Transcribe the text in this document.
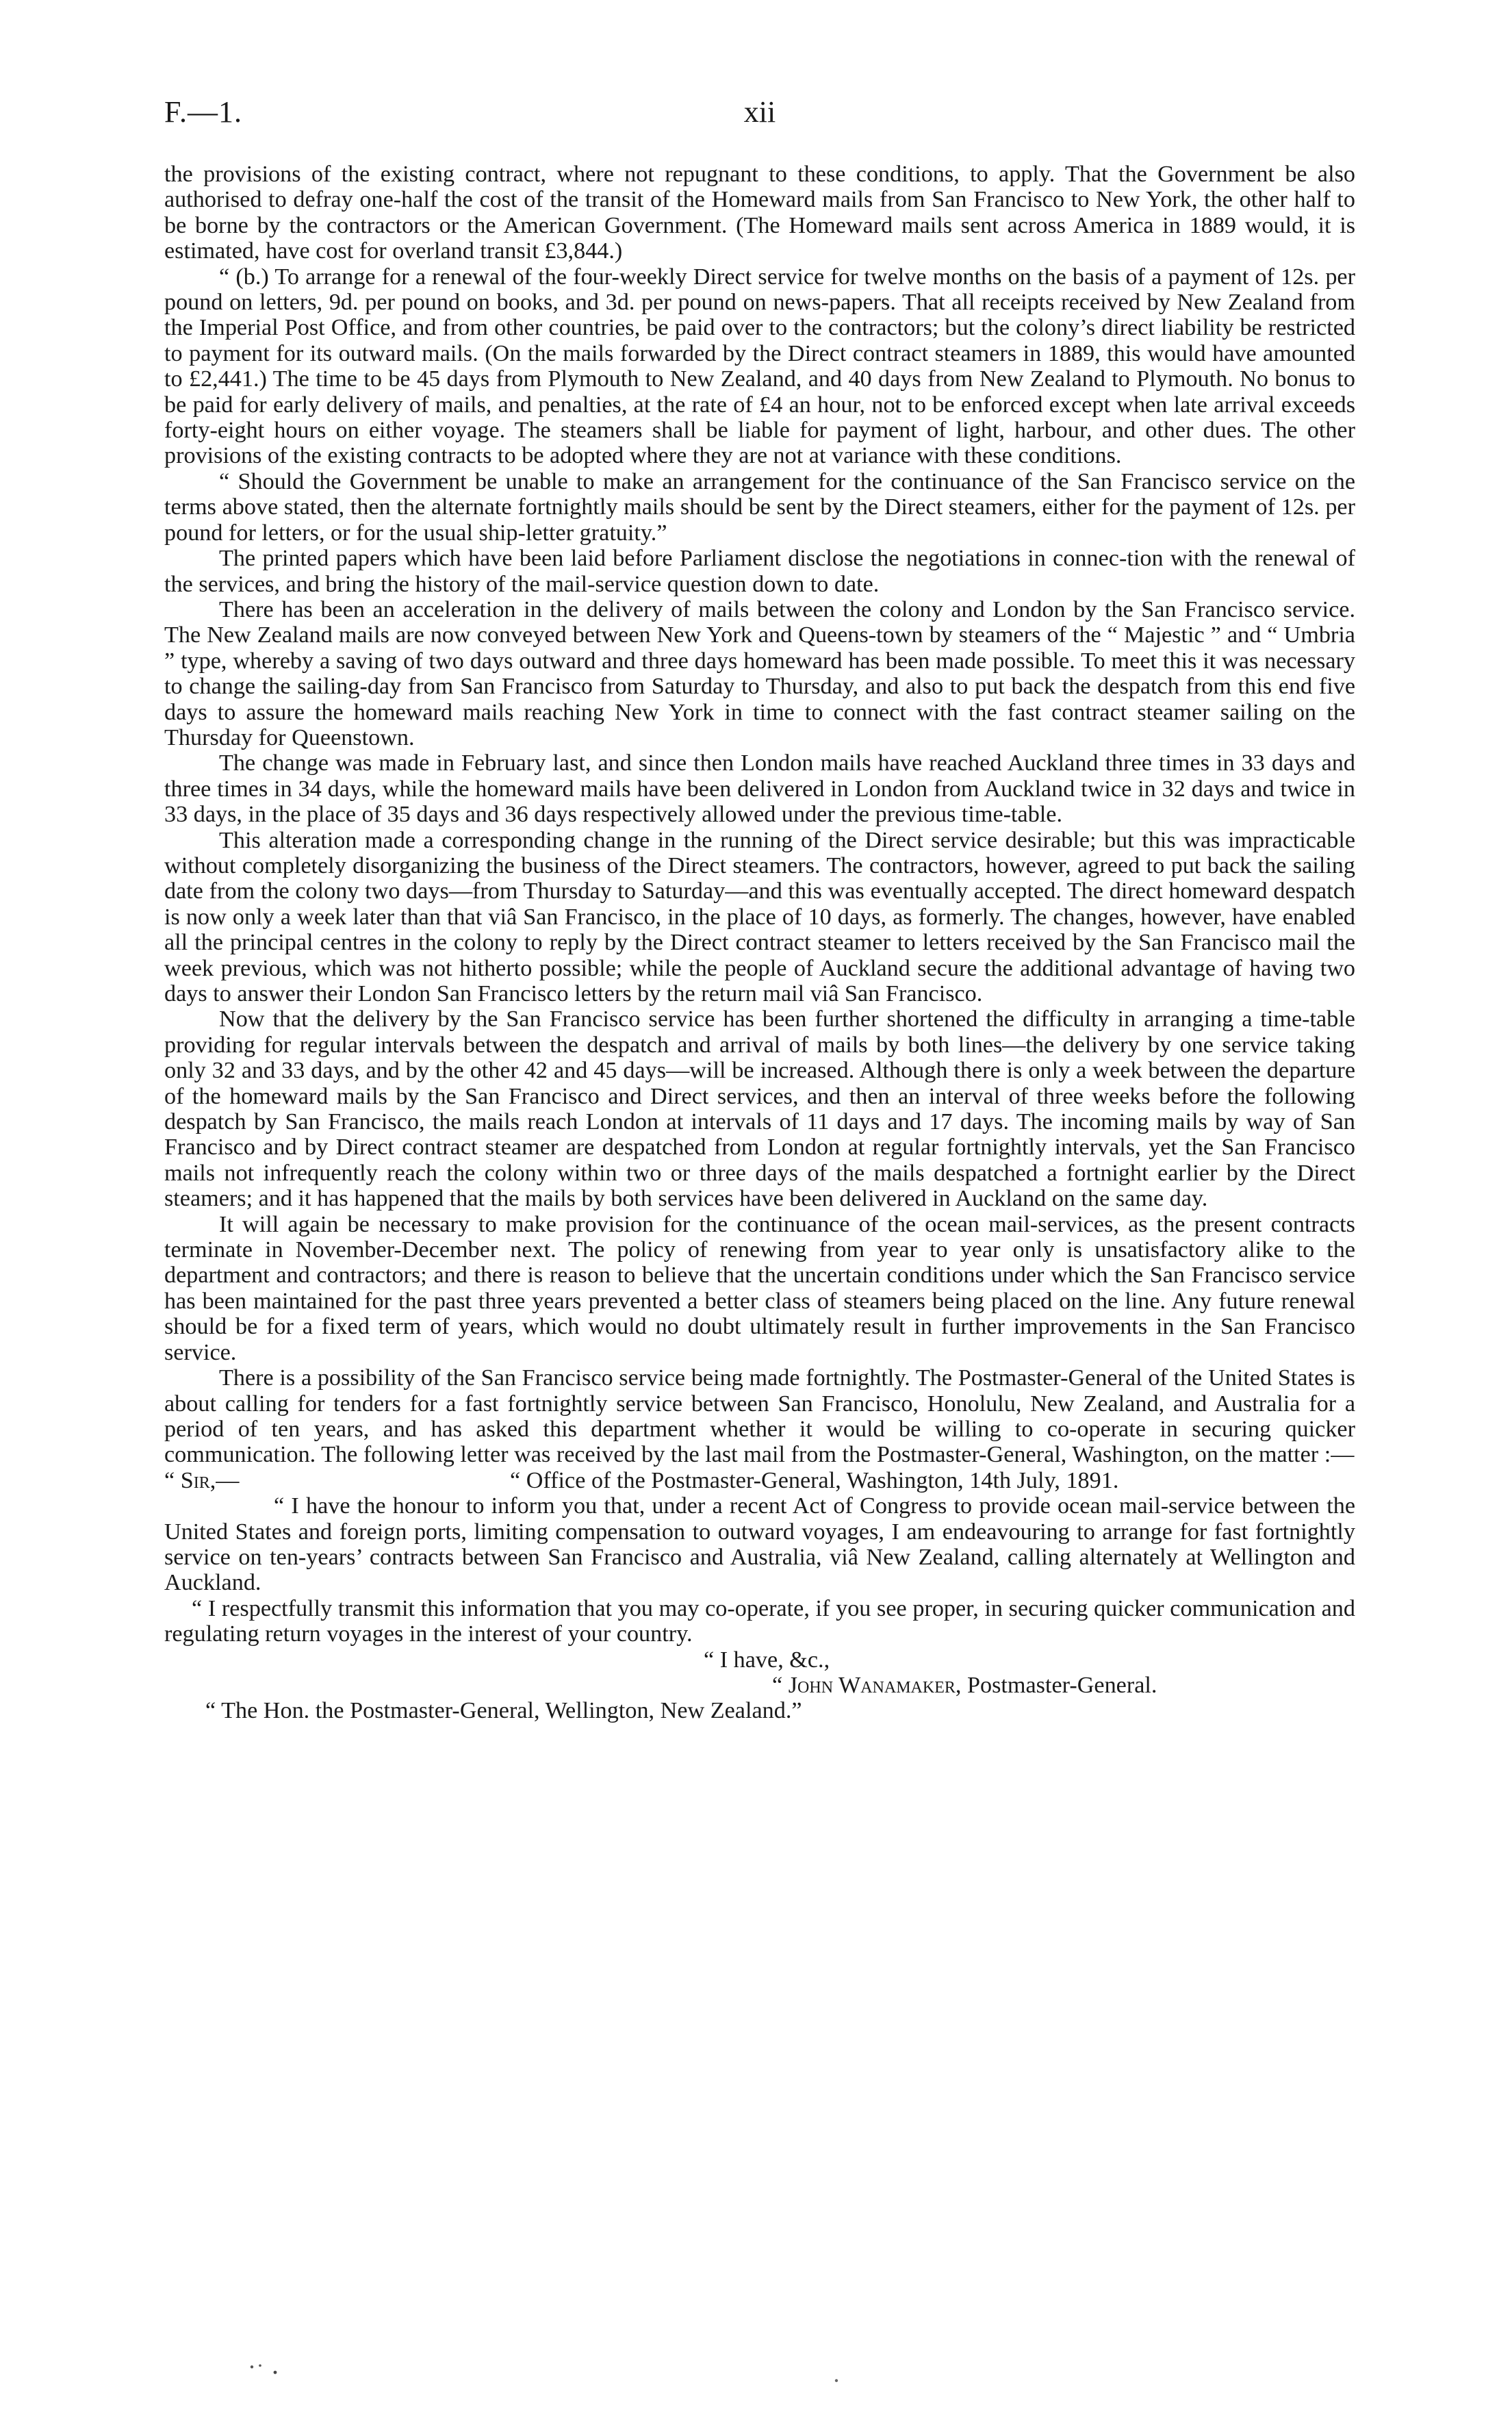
F.—1.	xii

the provisions of the existing contract, where not repugnant to these conditions, to apply. That the Government be also authorised to defray one-half the cost of the transit of the Homeward mails from San Francisco to New York, the other half to be borne by the contractors or the American Government. (The Homeward mails sent across America in 1889 would, it is estimated, have cost for overland transit £3,844.)

“ (b.) To arrange for a renewal of the four-weekly Direct service for twelve months on the basis of a payment of 12s. per pound on letters, 9d. per pound on books, and 3d. per pound on news-papers. That all receipts received by New Zealand from the Imperial Post Office, and from other countries, be paid over to the contractors; but the colony’s direct liability be restricted to payment for its outward mails. (On the mails forwarded by the Direct contract steamers in 1889, this would have amounted to £2,441.) The time to be 45 days from Plymouth to New Zealand, and 40 days from New Zealand to Plymouth. No bonus to be paid for early delivery of mails, and penalties, at the rate of £4 an hour, not to be enforced except when late arrival exceeds forty-eight hours on either voyage. The steamers shall be liable for payment of light, harbour, and other dues. The other provisions of the existing contracts to be adopted where they are not at variance with these conditions.

“ Should the Government be unable to make an arrangement for the continuance of the San Francisco service on the terms above stated, then the alternate fortnightly mails should be sent by the Direct steamers, either for the payment of 12s. per pound for letters, or for the usual ship-letter gratuity.”

The printed papers which have been laid before Parliament disclose the negotiations in connec-tion with the renewal of the services, and bring the history of the mail-service question down to date.

There has been an acceleration in the delivery of mails between the colony and London by the San Francisco service. The New Zealand mails are now conveyed between New York and Queens-town by steamers of the “ Majestic ” and “ Umbria ” type, whereby a saving of two days outward and three days homeward has been made possible. To meet this it was necessary to change the sailing-day from San Francisco from Saturday to Thursday, and also to put back the despatch from this end five days to assure the homeward mails reaching New York in time to connect with the fast contract steamer sailing on the Thursday for Queenstown.

The change was made in February last, and since then London mails have reached Auckland three times in 33 days and three times in 34 days, while the homeward mails have been delivered in London from Auckland twice in 32 days and twice in 33 days, in the place of 35 days and 36 days respectively allowed under the previous time-table.

This alteration made a corresponding change in the running of the Direct service desirable; but this was impracticable without completely disorganizing the business of the Direct steamers. The contractors, however, agreed to put back the sailing date from the colony two days—from Thursday to Saturday—and this was eventually accepted. The direct homeward despatch is now only a week later than that viâ San Francisco, in the place of 10 days, as formerly. The changes, however, have enabled all the principal centres in the colony to reply by the Direct contract steamer to letters received by the San Francisco mail the week previous, which was not hitherto possible; while the people of Auckland secure the additional advantage of having two days to answer their London San Francisco letters by the return mail viâ San Francisco.

Now that the delivery by the San Francisco service has been further shortened the difficulty in arranging a time-table providing for regular intervals between the despatch and arrival of mails by both lines—the delivery by one service taking only 32 and 33 days, and by the other 42 and 45 days—will be increased. Although there is only a week between the departure of the homeward mails by the San Francisco and Direct services, and then an interval of three weeks before the following despatch by San Francisco, the mails reach London at intervals of 11 days and 17 days. The incoming mails by way of San Francisco and by Direct contract steamer are despatched from London at regular fortnightly intervals, yet the San Francisco mails not infrequently reach the colony within two or three days of the mails despatched a fortnight earlier by the Direct steamers; and it has happened that the mails by both services have been delivered in Auckland on the same day.

It will again be necessary to make provision for the continuance of the ocean mail-services, as the present contracts terminate in November-December next. The policy of renewing from year to year only is unsatisfactory alike to the department and contractors; and there is reason to believe that the uncertain conditions under which the San Francisco service has been maintained for the past three years prevented a better class of steamers being placed on the line. Any future renewal should be for a fixed term of years, which would no doubt ultimately result in further improvements in the San Francisco service.

There is a possibility of the San Francisco service being made fortnightly. The Postmaster-General of the United States is about calling for tenders for a fast fortnightly service between San Francisco, Honolulu, New Zealand, and Australia for a period of ten years, and has asked this department whether it would be willing to co-operate in securing quicker communication. The following letter was received by the last mail from the Postmaster-General, Washington, on the matter :—

“ Sir,—	“ Office of the Postmaster-General, Washington, 14th July, 1891.

“ I have the honour to inform you that, under a recent Act of Congress to provide ocean mail-service between the United States and foreign ports, limiting compensation to outward voyages, I am endeavouring to arrange for fast fortnightly service on ten-years’ contracts between San Francisco and Australia, viâ New Zealand, calling alternately at Wellington and Auckland.

“ I respectfully transmit this information that you may co-operate, if you see proper, in securing quicker communication and regulating return voyages in the interest of your country.

“ I have, &c.,

“ John Wanamaker, Postmaster-General.

“ The Hon. the Postmaster-General, Wellington, New Zealand.”
